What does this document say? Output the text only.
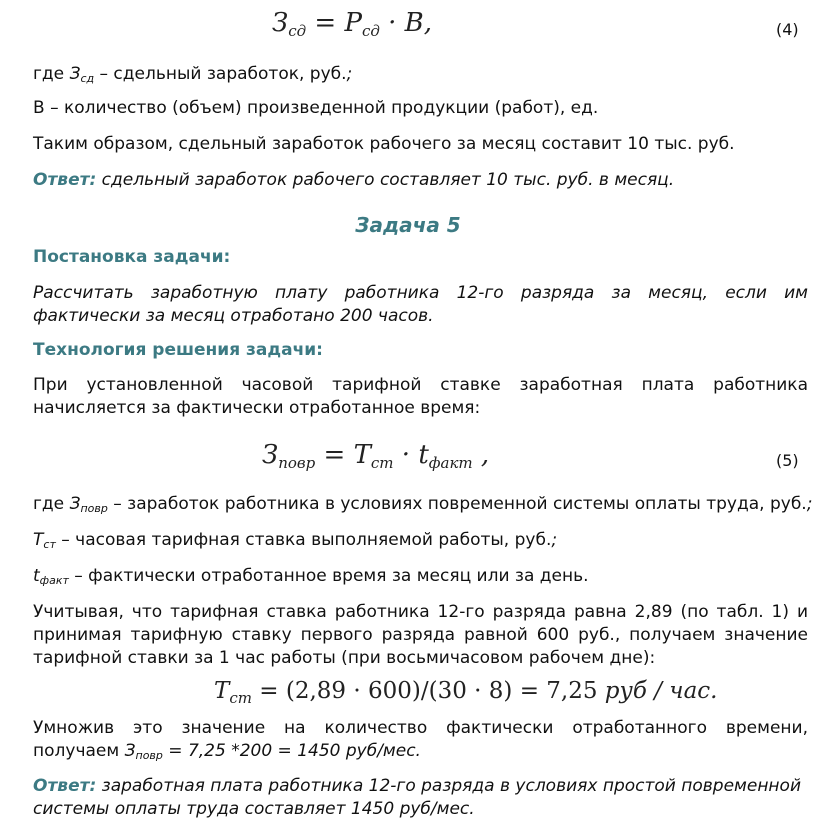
$З_{сд} = P_{сд} \cdot B$,	(4)
где $З_{сд}$ – сдельный заработок, руб.;
B – количество (объем) произведенной продукции (работ), ед.
Таким образом, сдельный заработок рабочего за месяц составит 10 тыс. руб.
Ответ: сдельный заработок рабочего составляет 10 тыс. руб. в месяц.
Задача 5
Постановка задачи:
Рассчитать заработную плату работника 12-го разряда за месяц, если им
фактически за месяц отработано 200 часов.
Технология решения задачи:
При установленной часовой тарифной ставке заработная плата работника
начисляется за фактически отработанное время:
$З_{повр} = T_{cm} \cdot t_{факт}$ ,	(5)
где $З_{повр}$ – заработок работника в условиях повременной системы оплаты труда, руб.;
$Т_{ст}$ – часовая тарифная ставка выполняемой работы, руб.;
$t_{факт}$ – фактически отработанное время за месяц или за день.
Учитывая, что тарифная ставка работника 12-го разряда равна 2,89 (по табл. 1) и
принимая тарифную ставку первого разряда равной 600 руб., получаем значение
тарифной ставки за 1 час работы (при восьмичасовом рабочем дне):
$T_{cm} = (2,89 \cdot 600)/(30 \cdot 8) = 7,25$ руб / час.
Умножив это значение на количество фактически отработанного времени,
получаем $З_{повр} = 7,25$ *200 = 1450 руб/мес.
Ответ: заработная плата работника 12-го разряда в условиях простой повременной
системы оплаты труда составляет 1450 руб/мес.
